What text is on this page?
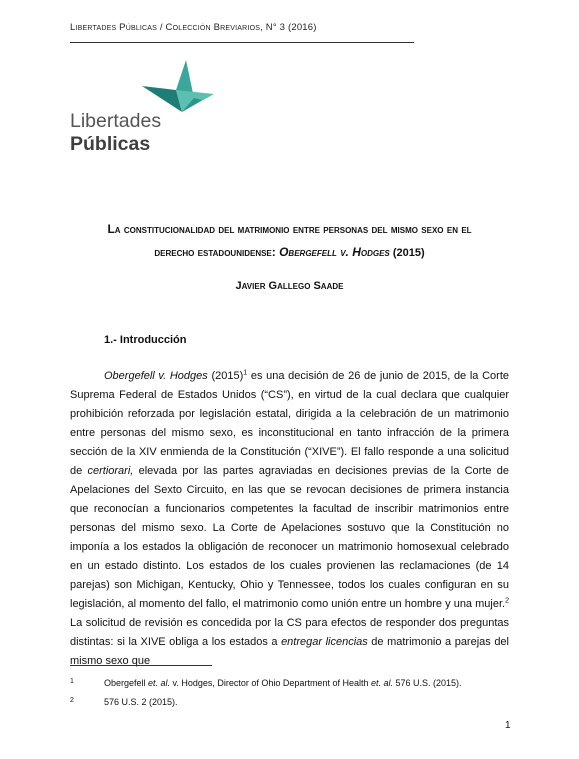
Libertades Públicas / Colección Breviarios, N° 3 (2016)
Libertades
Públicas
La constitucionalidad del matrimonio entre personas del mismo sexo en el
derecho estadounidense: Obergefell v. Hodges (2015)
Javier Gallego Saade
1.- Introducción
Obergefell v. Hodges $(2015)^1$ es una decisión de 26 de junio de 2015, de la Corte Suprema Federal de Estados Unidos (“CS”), en virtud de la cual declara que cualquier prohibición reforzada por legislación estatal, dirigida a la celebración de un matrimonio entre personas del mismo sexo, es inconstitucional en tanto infracción de la primera sección de la XIV enmienda de la Constitución (“XIVE”). El fallo responde a una solicitud de certiorari, elevada por las partes agraviadas en decisiones previas de la Corte de Apelaciones del Sexto Circuito, en las que se revocan decisiones de primera instancia que reconocían a funcionarios competentes la facultad de inscribir matrimonios entre personas del mismo sexo. La Corte de Apelaciones sostuvo que la Constitución no imponía a los estados la obligación de reconocer un matrimonio homosexual celebrado en un estado distinto. Los estados de los cuales provienen las reclamaciones (de 14 parejas) son Michigan, Kentucky, Ohio y Tennessee, todos los cuales configuran en su legislación, al momento del fallo, el matrimonio como unión entre un hombre y una mujer.$^2$ La solicitud de revisión es concedida por la CS para efectos de responder dos preguntas distintas: si la XIVE obliga a los estados a entregar licencias de matrimonio a parejas del mismo sexo que
1	Obergefell et. al. v. Hodges, Director of Ohio Department of Health et. al. 576 U.S. (2015).
2	576 U.S. 2 (2015).
1
